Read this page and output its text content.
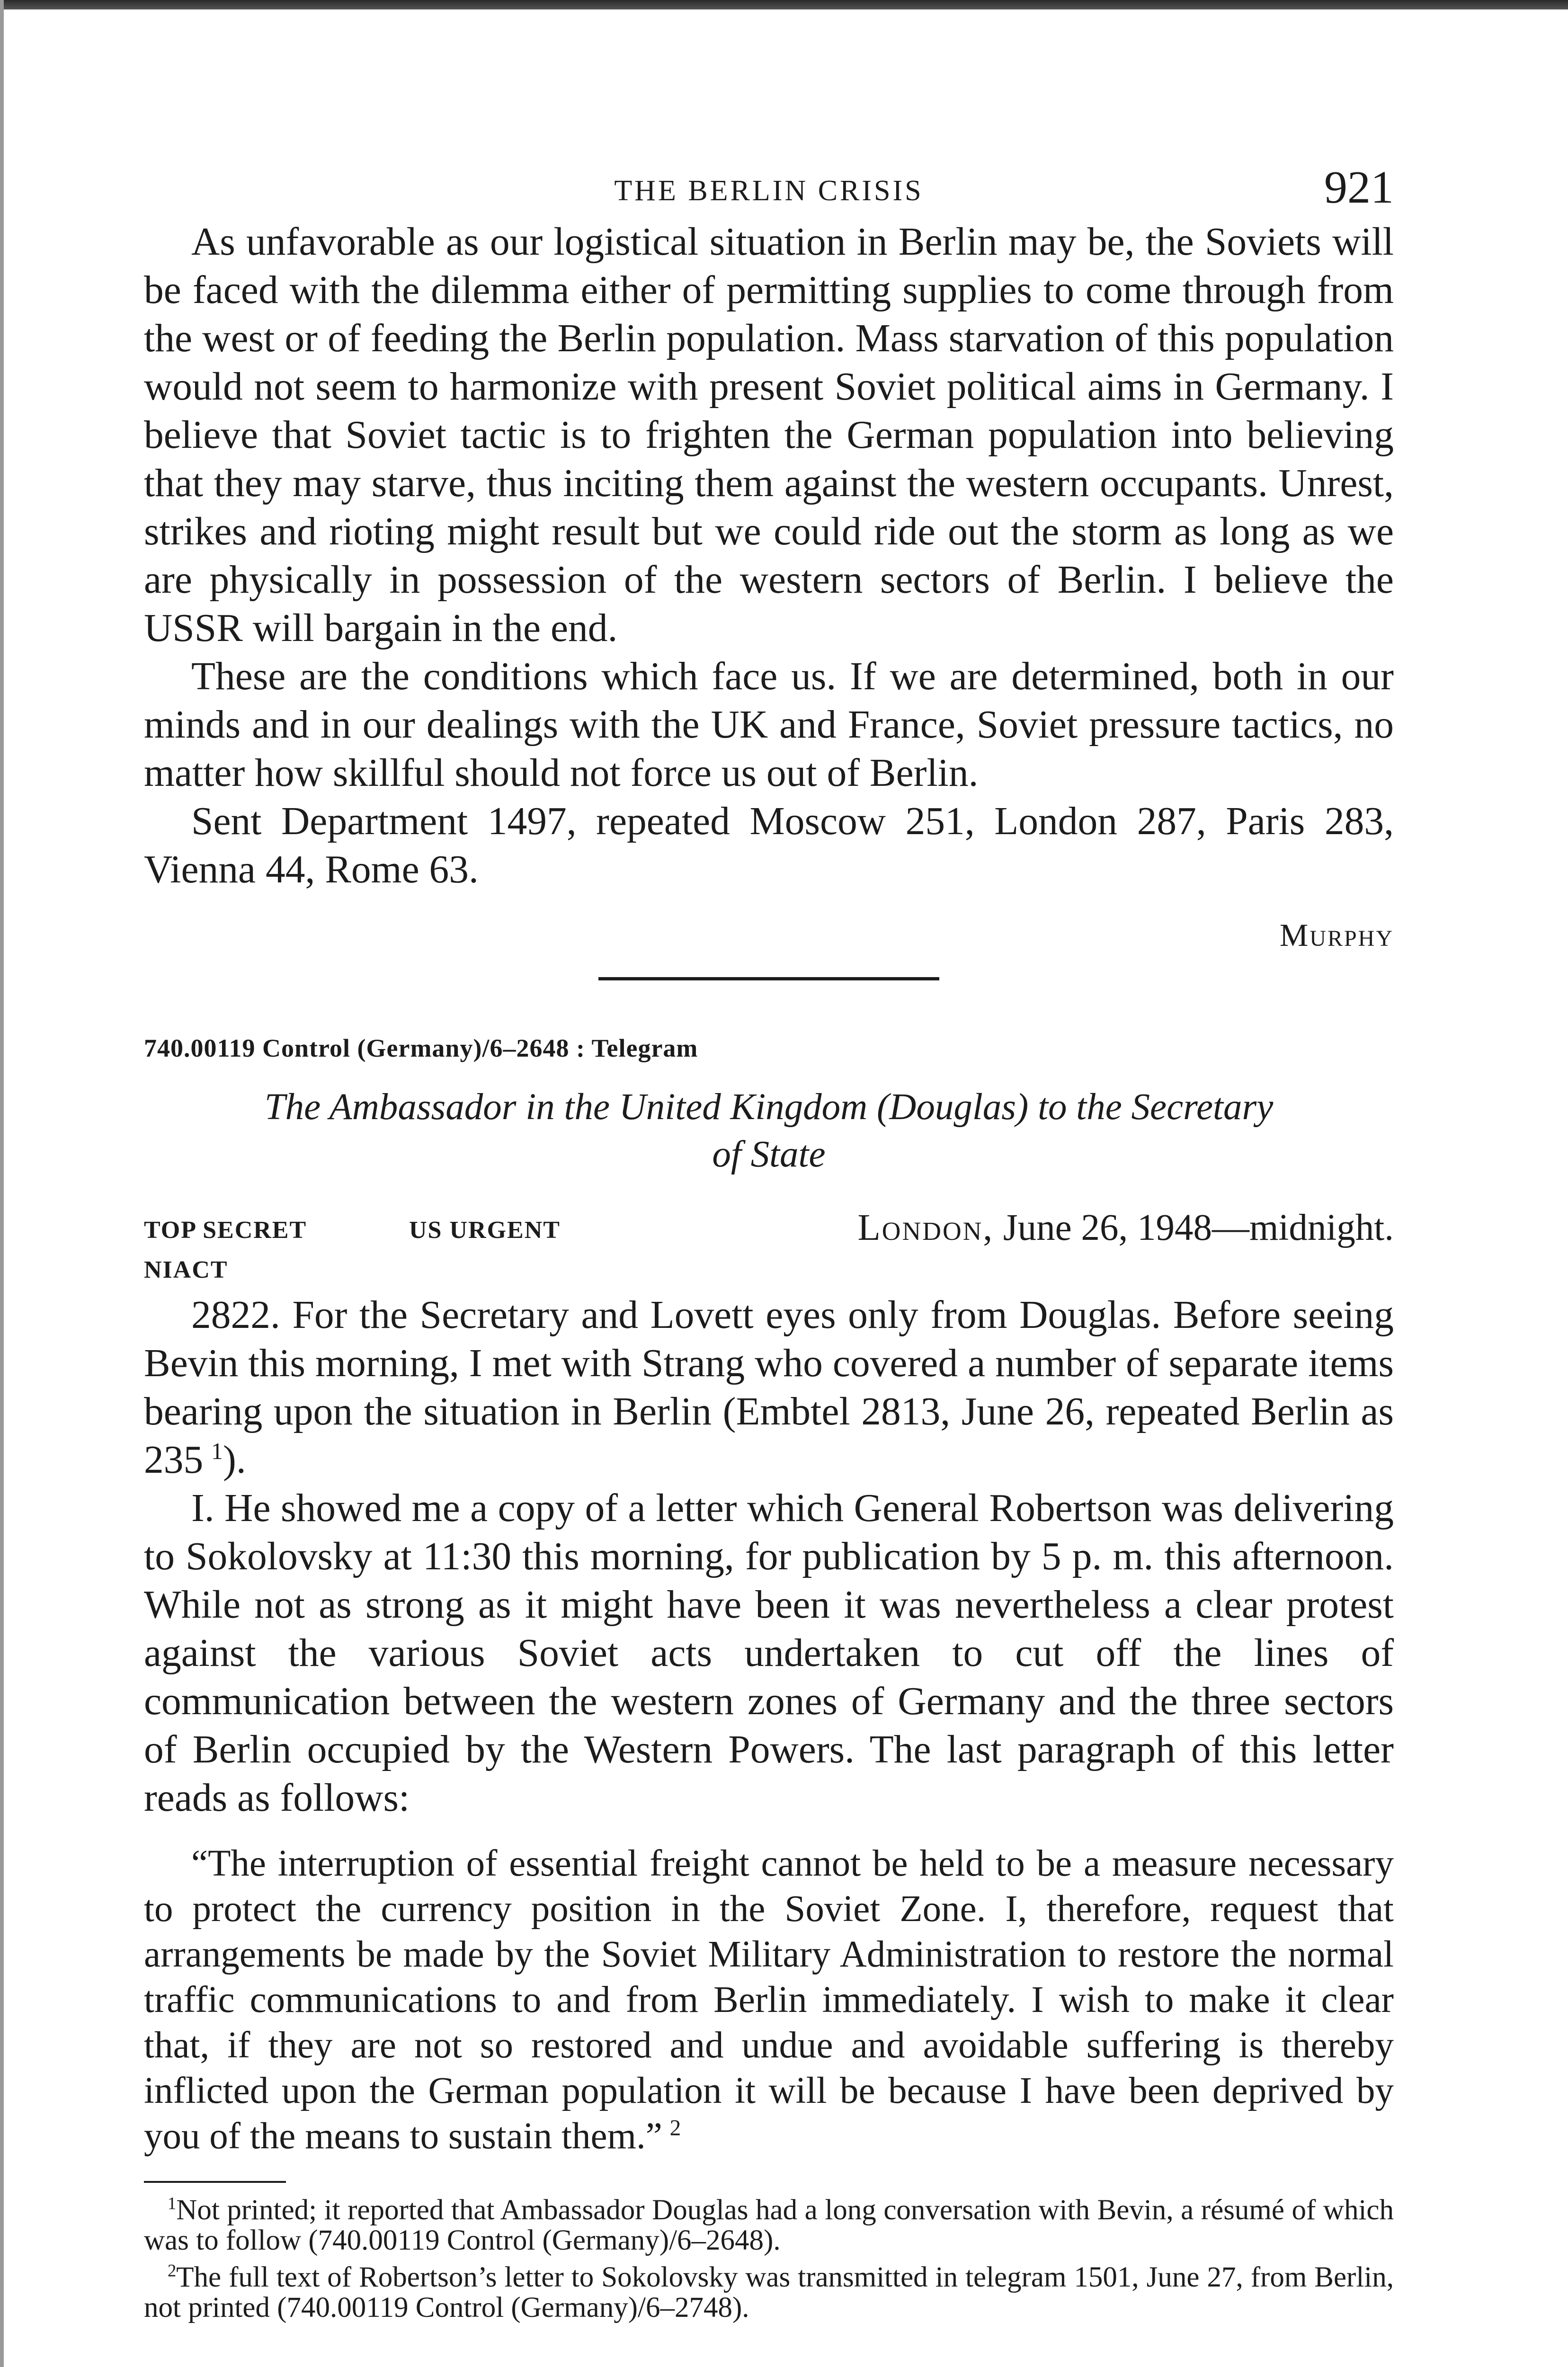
THE BERLIN CRISIS	921

As unfavorable as our logistical situation in Berlin may be, the Soviets will be faced with the dilemma either of permitting supplies to come through from the west or of feeding the Berlin population. Mass starvation of this population would not seem to harmonize with present Soviet political aims in Germany. I believe that Soviet tactic is to frighten the German population into believing that they may starve, thus inciting them against the western occupants. Unrest, strikes and rioting might result but we could ride out the storm as long as we are physically in possession of the western sectors of Berlin. I believe the USSR will bargain in the end.

These are the conditions which face us. If we are determined, both in our minds and in our dealings with the UK and France, Soviet pressure tactics, no matter how skillful should not force us out of Berlin.

Sent Department 1497, repeated Moscow 251, London 287, Paris 283, Vienna 44, Rome 63.

Murphy
740.00119 Control (Germany)/6–2648 : Telegram
The Ambassador in the United Kingdom (Douglas) to the Secretary
of State
TOP SECRET	US URGENT	London, June 26, 1948—midnight.
NIACT

2822. For the Secretary and Lovett eyes only from Douglas. Before seeing Bevin this morning, I met with Strang who covered a number of separate items bearing upon the situation in Berlin (Embtel 2813, June 26, repeated Berlin as 235  $^1$).

I. He showed me a copy of a letter which General Robertson was delivering to Sokolovsky at 11:30 this morning, for publication by 5 p. m. this afternoon. While not as strong as it might have been it was nevertheless a clear protest against the various Soviet acts undertaken to cut off the lines of communication between the western zones of Germany and the three sectors of Berlin occupied by the Western Powers. The last paragraph of this letter reads as follows:

“The interruption of essential freight cannot be held to be a measure necessary to protect the currency position in the Soviet Zone. I, therefore, request that arrangements be made by the Soviet Military Administration to restore the normal traffic communications to and from Berlin immediately. I wish to make it clear that, if they are not so restored and undue and avoidable suffering is thereby inflicted upon the German population it will be because I have been deprived by you of the means to sustain them.”  $^2$

$^1$Not printed; it reported that Ambassador Douglas had a long conversation with Bevin, a résumé of which was to follow (740.00119 Control (Germany)/6–2648).

$^2$The full text of Robertson’s letter to Sokolovsky was transmitted in telegram 1501, June 27, from Berlin, not printed (740.00119 Control (Germany)/6–2748).
